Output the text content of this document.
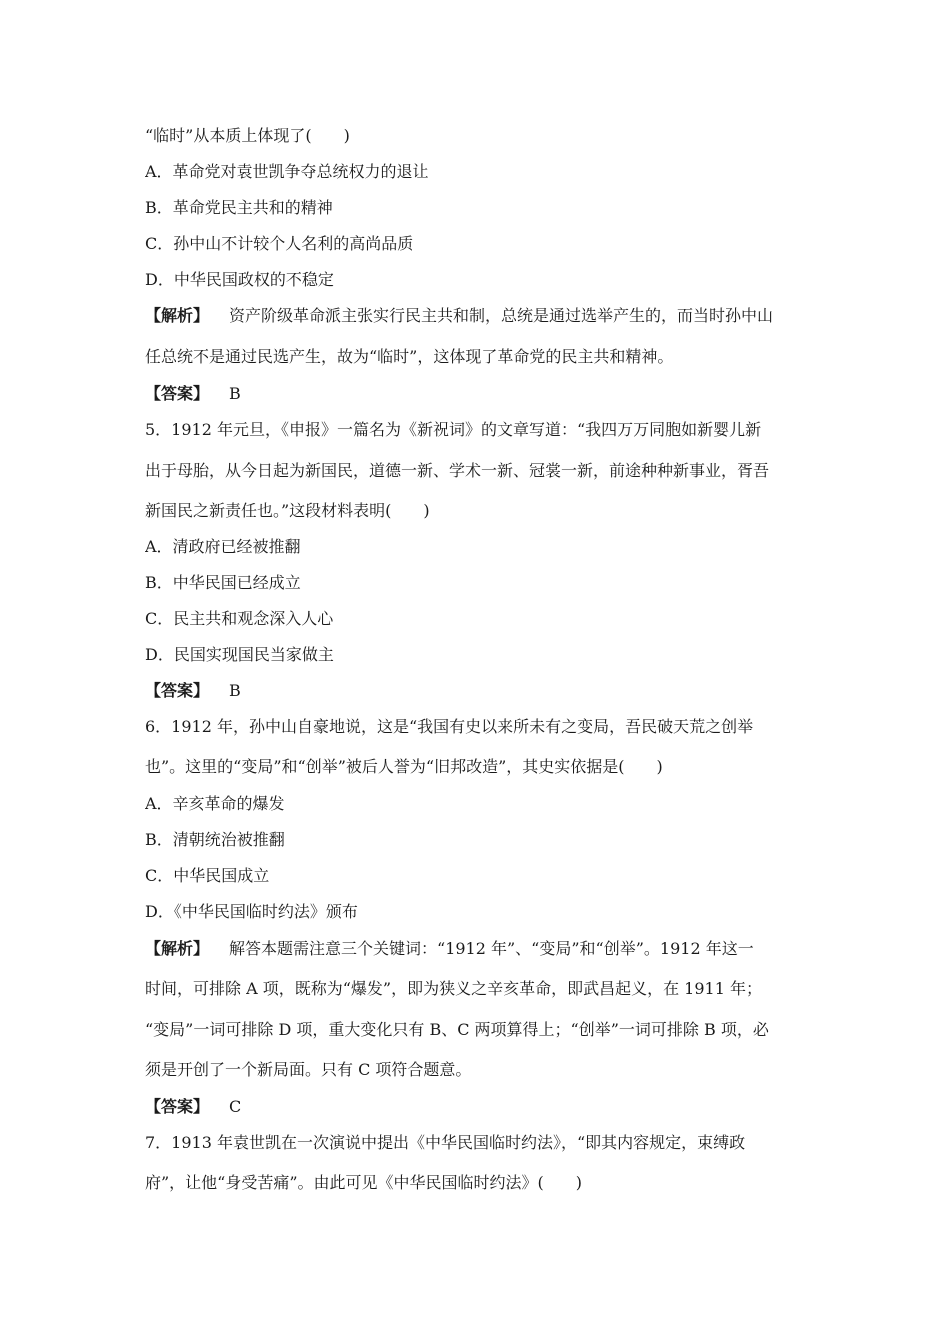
“临时”从本质上体现了(　　)
A．革命党对袁世凯争夺总统权力的退让
B．革命党民主共和的精神
C．孙中山不计较个人名利的高尚品质
D．中华民国政权的不稳定
【解析】 资产阶级革命派主张实行民主共和制，总统是通过选举产生的，而当时孙中山
任总统不是通过民选产生，故为“临时”，这体现了革命党的民主共和精神。
【答案】 B
5．1912 年元旦，《申报》一篇名为《新祝词》的文章写道：“我四万万同胞如新婴儿新
出于母胎，从今日起为新国民，道德一新、学术一新、冠裳一新，前途种种新事业，胥吾
新国民之新责任也。”这段材料表明(　　)
A．清政府已经被推翻
B．中华民国已经成立
C．民主共和观念深入人心
D．民国实现国民当家做主
【答案】 B
6．1912 年，孙中山自豪地说，这是“我国有史以来所未有之变局，吾民破天荒之创举
也”。这里的“变局”和“创举”被后人誉为“旧邦改造”，其史实依据是(　　)
A．辛亥革命的爆发
B．清朝统治被推翻
C．中华民国成立
D．《中华民国临时约法》颁布
【解析】 解答本题需注意三个关键词：“1912 年”、“变局”和“创举”。1912 年这一
时间，可排除 A 项，既称为“爆发”，即为狭义之辛亥革命，即武昌起义，在 1911 年；
“变局”一词可排除 D 项，重大变化只有 B、C 两项算得上；“创举”一词可排除 B 项，必
须是开创了一个新局面。只有 C 项符合题意。
【答案】 C
7．1913 年袁世凯在一次演说中提出《中华民国临时约法》，“即其内容规定，束缚政
府”，让他“身受苦痛”。由此可见《中华民国临时约法》(　　)
